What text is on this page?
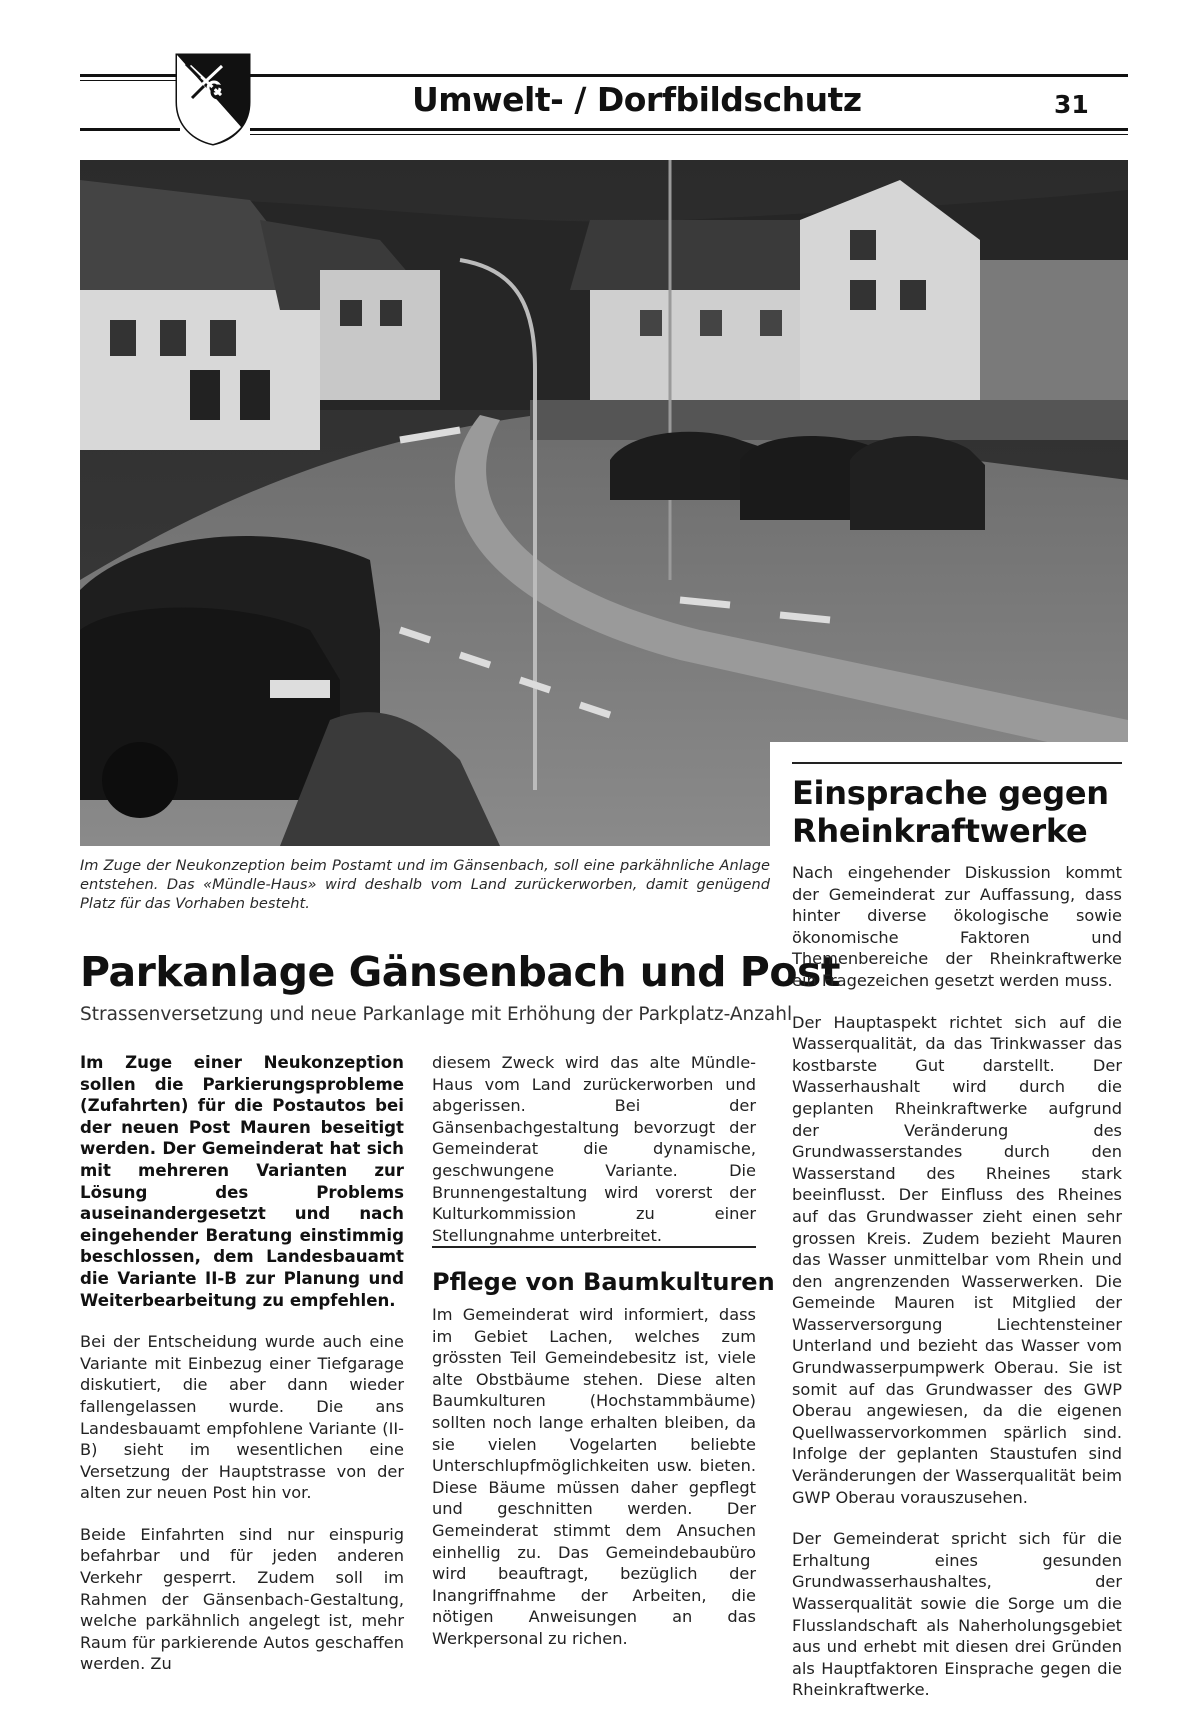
Umwelt- / Dorfbildschutz	31
Im Zuge der Neukonzeption beim Postamt und im Gänsenbach, soll eine parkähnliche Anlage entstehen. Das «Mündle-Haus» wird deshalb vom Land zurückerworben, damit genügend Platz für das Vorhaben besteht.
Parkanlage Gänsenbach und Post
Strassenversetzung und neue Parkanlage mit Erhöhung der Parkplatz-Anzahl

Im Zuge einer Neukonzeption sollen die Parkierungsprobleme (Zufahrten) für die Postautos bei der neuen Post Mauren beseitigt werden. Der Gemeinderat hat sich mit mehreren Varianten zur Lösung des Problems auseinandergesetzt und nach eingehender Beratung einstimmig beschlossen, dem Landesbauamt die Variante II-B zur Planung und Weiterbearbeitung zu empfehlen.

Bei der Entscheidung wurde auch eine Variante mit Einbezug einer Tiefgarage diskutiert, die aber dann wieder fallengelassen wurde. Die ans Landesbauamt empfohlene Variante (II-B) sieht im wesentlichen eine Versetzung der Hauptstrasse von der alten zur neuen Post hin vor.

Beide Einfahrten sind nur einspurig befahrbar und für jeden anderen Verkehr gesperrt. Zudem soll im Rahmen der Gänsenbach-Gestaltung, welche parkähnlich angelegt ist, mehr Raum für parkierende Autos geschaffen werden. Zu

diesem Zweck wird das alte Mündle-Haus vom Land zurückerworben und abgerissen. Bei der Gänsenbachgestaltung bevorzugt der Gemeinderat die dynamische, geschwungene Variante. Die Brunnengestaltung wird vorerst der Kulturkommission zu einer Stellungnahme unterbreitet.

Pflege von Baumkulturen

Im Gemeinderat wird informiert, dass im Gebiet Lachen, welches zum grössten Teil Gemeindebesitz ist, viele alte Obstbäume stehen. Diese alten Baumkulturen (Hochstammbäume) sollten noch lange erhalten bleiben, da sie vielen Vogelarten beliebte Unterschlupfmöglichkeiten usw. bieten. Diese Bäume müssen daher gepflegt und geschnitten werden. Der Gemeinderat stimmt dem Ansuchen einhellig zu. Das Gemeindebaubüro wird beauftragt, bezüglich der Inangriffnahme der Arbeiten, die nötigen Anweisungen an das Werkpersonal zu richen.

Einsprache gegen Rheinkraftwerke

Nach eingehender Diskussion kommt der Gemeinderat zur Auffassung, dass hinter diverse ökologische sowie ökonomische Faktoren und Themenbereiche der Rheinkraftwerke ein Fragezeichen gesetzt werden muss.

Der Hauptaspekt richtet sich auf die Wasserqualität, da das Trinkwasser das kostbarste Gut darstellt. Der Wasserhaushalt wird durch die geplanten Rheinkraftwerke aufgrund der Veränderung des Grundwasserstandes durch den Wasserstand des Rheines stark beeinflusst. Der Einfluss des Rheines auf das Grundwasser zieht einen sehr grossen Kreis. Zudem bezieht Mauren das Wasser unmittelbar vom Rhein und den angrenzenden Wasserwerken. Die Gemeinde Mauren ist Mitglied der Wasserversorgung Liechtensteiner Unterland und bezieht das Wasser vom Grundwasserpumpwerk Oberau. Sie ist somit auf das Grundwasser des GWP Oberau angewiesen, da die eigenen Quellwasservorkommen spärlich sind. Infolge der geplanten Staustufen sind Veränderungen der Wasserqualität beim GWP Oberau vorauszusehen.

Der Gemeinderat spricht sich für die Erhaltung eines gesunden Grundwasserhaushaltes, der Wasserqualität sowie die Sorge um die Flusslandschaft als Naherholungsgebiet aus und erhebt mit diesen drei Gründen als Hauptfaktoren Einsprache gegen die Rheinkraftwerke.
